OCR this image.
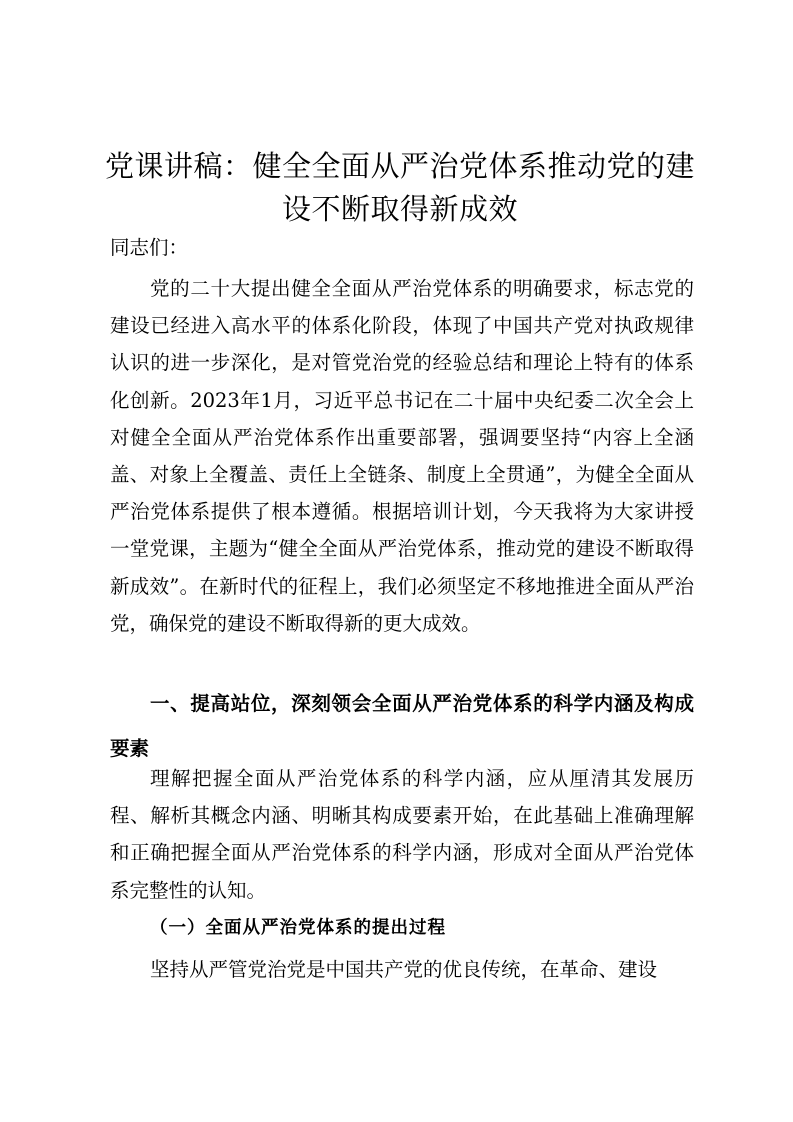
党课讲稿：健全全面从严治党体系推动党的建设不断取得新成效

同志们：

党的二十大提出健全全面从严治党体系的明确要求，标志党的建设已经进入高水平的体系化阶段，体现了中国共产党对执政规律认识的进一步深化，是对管党治党的经验总结和理论上特有的体系化创新。2023年1月，习近平总书记在二十届中央纪委二次全会上对健全全面从严治党体系作出重要部署，强调要坚持“内容上全涵盖、对象上全覆盖、责任上全链条、制度上全贯通”，为健全全面从严治党体系提供了根本遵循。根据培训计划，今天我将为大家讲授一堂党课，主题为“健全全面从严治党体系，推动党的建设不断取得新成效”。在新时代的征程上，我们必须坚定不移地推进全面从严治党，确保党的建设不断取得新的更大成效。

一、提高站位，深刻领会全面从严治党体系的科学内涵及构成要素

理解把握全面从严治党体系的科学内涵，应从厘清其发展历程、解析其概念内涵、明晰其构成要素开始，在此基础上准确理解和正确把握全面从严治党体系的科学内涵，形成对全面从严治党体系完整性的认知。

（一）全面从严治党体系的提出过程

坚持从严管党治党是中国共产党的优良传统，在革命、建设
